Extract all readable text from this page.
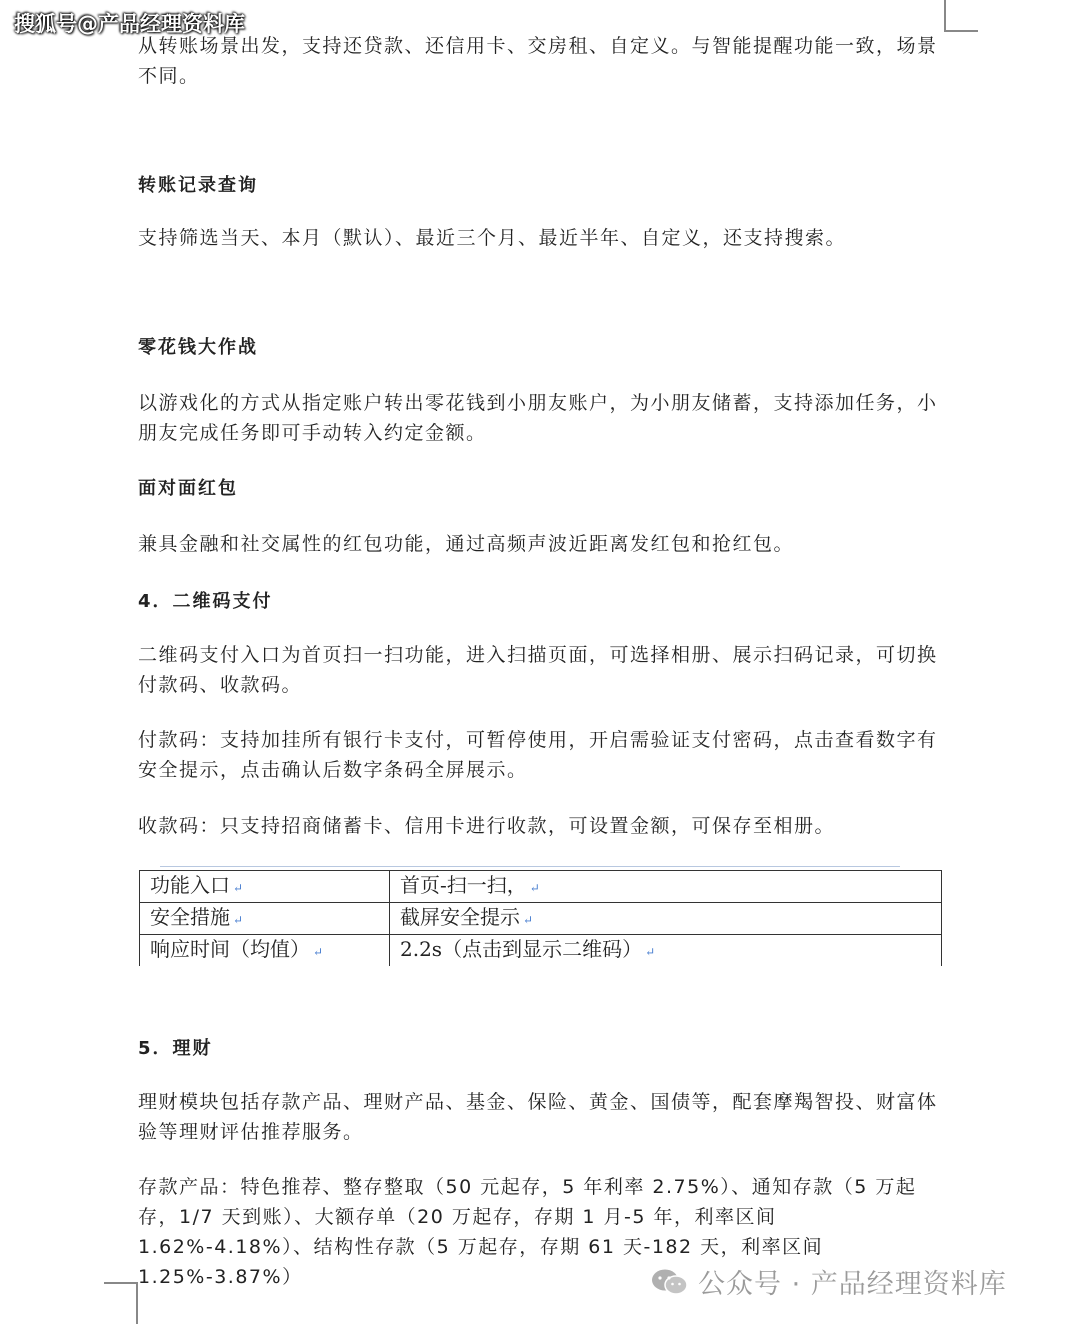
搜狐号@产品经理资料库
从转账场景出发，支持还贷款、还信用卡、交房租、自定义。与智能提醒功能一致，场景不同。
转账记录查询
支持筛选当天、本月（默认）、最近三个月、最近半年、自定义，还支持搜索。
零花钱大作战
以游戏化的方式从指定账户转出零花钱到小朋友账户，为小朋友储蓄，支持添加任务，小朋友完成任务即可手动转入约定金额。
面对面红包
兼具金融和社交属性的红包功能，通过高频声波近距离发红包和抢红包。
4．二维码支付
二维码支付入口为首页扫一扫功能，进入扫描页面，可选择相册、展示扫码记录，可切换付款码、收款码。
付款码：支持加挂所有银行卡支付，可暂停使用，开启需验证支付密码，点击查看数字有安全提示，点击确认后数字条码全屏展示。
收款码：只支持招商储蓄卡、信用卡进行收款，可设置金额，可保存至相册。
功能入口 ↵	首页-扫一扫， ↵
安全措施 ↵	截屏安全提示 ↵
响应时间（均值） ↵	2.2s（点击到显示二维码） ↵
5．理财
理财模块包括存款产品、理财产品、基金、保险、黄金、国债等，配套摩羯智投、财富体验等理财评估推荐服务。
存款产品：特色推荐、整存整取（50 元起存，5 年利率 2.75%）、通知存款（5 万起存，1/7 天到账）、大额存单（20 万起存，存期 1 月-5 年，利率区间 1.62%-4.18%）、结构性存款（5 万起存，存期 61 天-182 天，利率区间 1.25%-3.87%）	公众号 · 产品经理资料库
